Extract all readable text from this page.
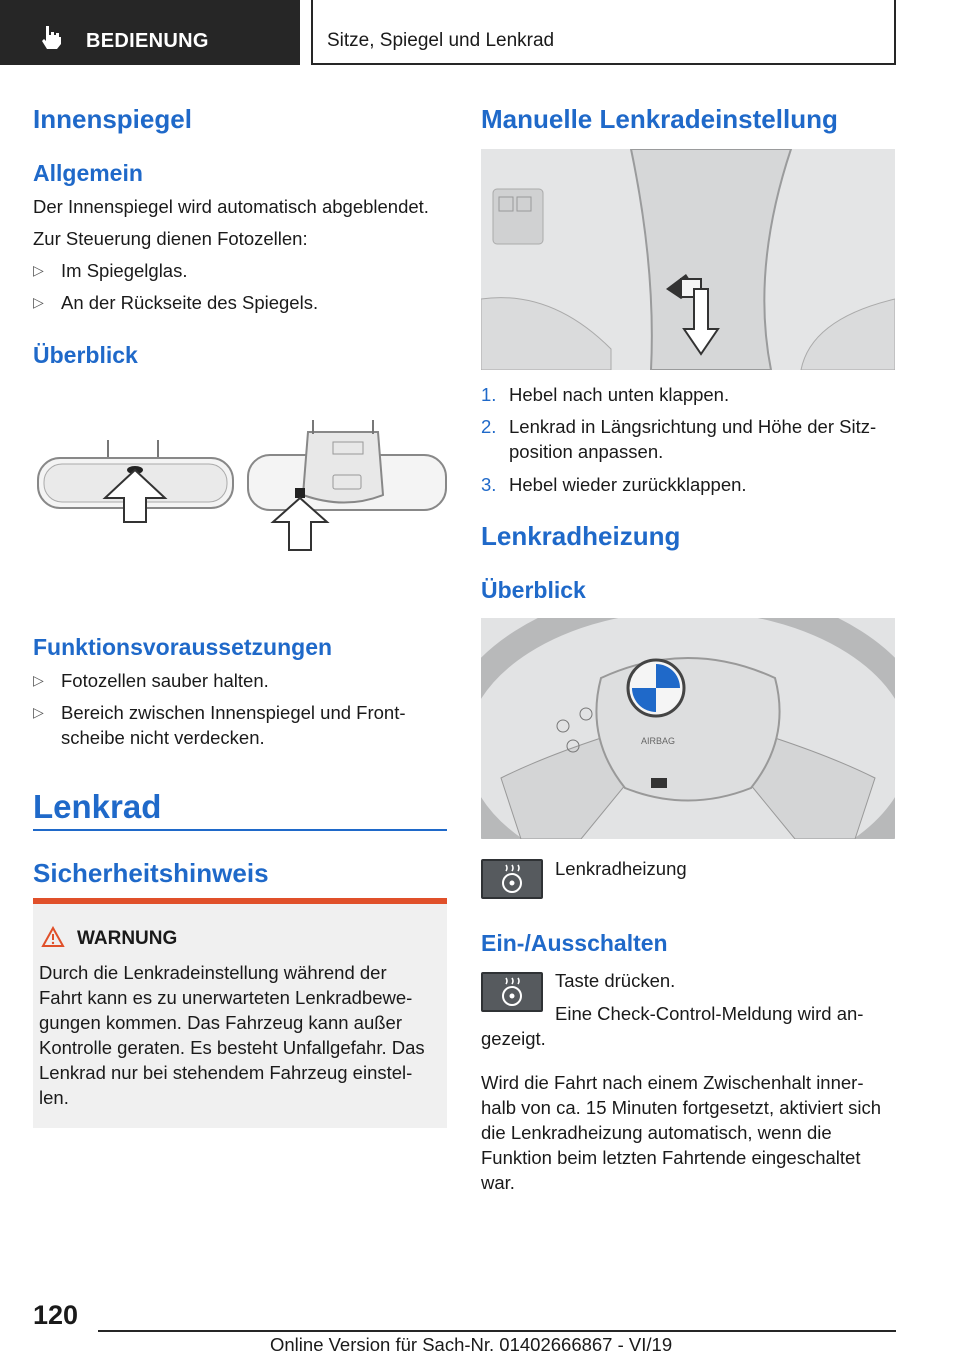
BEDIENUNG	Sitze, Spiegel und Lenkrad
Innenspiegel
Allgemein
Der Innenspiegel wird automatisch abgeblendet.
Zur Steuerung dienen Fotozellen:
▷ Im Spiegelglas.
▷ An der Rückseite des Spiegels.
Überblick
Funktionsvoraussetzungen
▷ Fotozellen sauber halten.
▷ Bereich zwischen Innenspiegel und Front-
scheibe nicht verdecken.
Lenkrad
Sicherheitshinweis
WARNUNG
Durch die Lenkradeinstellung während der
Fahrt kann es zu unerwarteten Lenkradbewe-
gungen kommen. Das Fahrzeug kann außer
Kontrolle geraten. Es besteht Unfallgefahr. Das
Lenkrad nur bei stehendem Fahrzeug einstel-
len.
Manuelle Lenkradeinstellung
1. Hebel nach unten klappen.
2. Lenkrad in Längsrichtung und Höhe der Sitz-
position anpassen.
3. Hebel wieder zurückklappen.
Lenkradheizung
Überblick
AIRBAG
Lenkradheizung
Ein-/Ausschalten
Taste drücken.
Eine Check-Control-Meldung wird an-
gezeigt.
Wird die Fahrt nach einem Zwischenhalt inner-
halb von ca. 15 Minuten fortgesetzt, aktiviert sich
die Lenkradheizung automatisch, wenn die
Funktion beim letzten Fahrtende eingeschaltet
war.
120
Online Version für Sach-Nr. 01402666867 - VI/19
